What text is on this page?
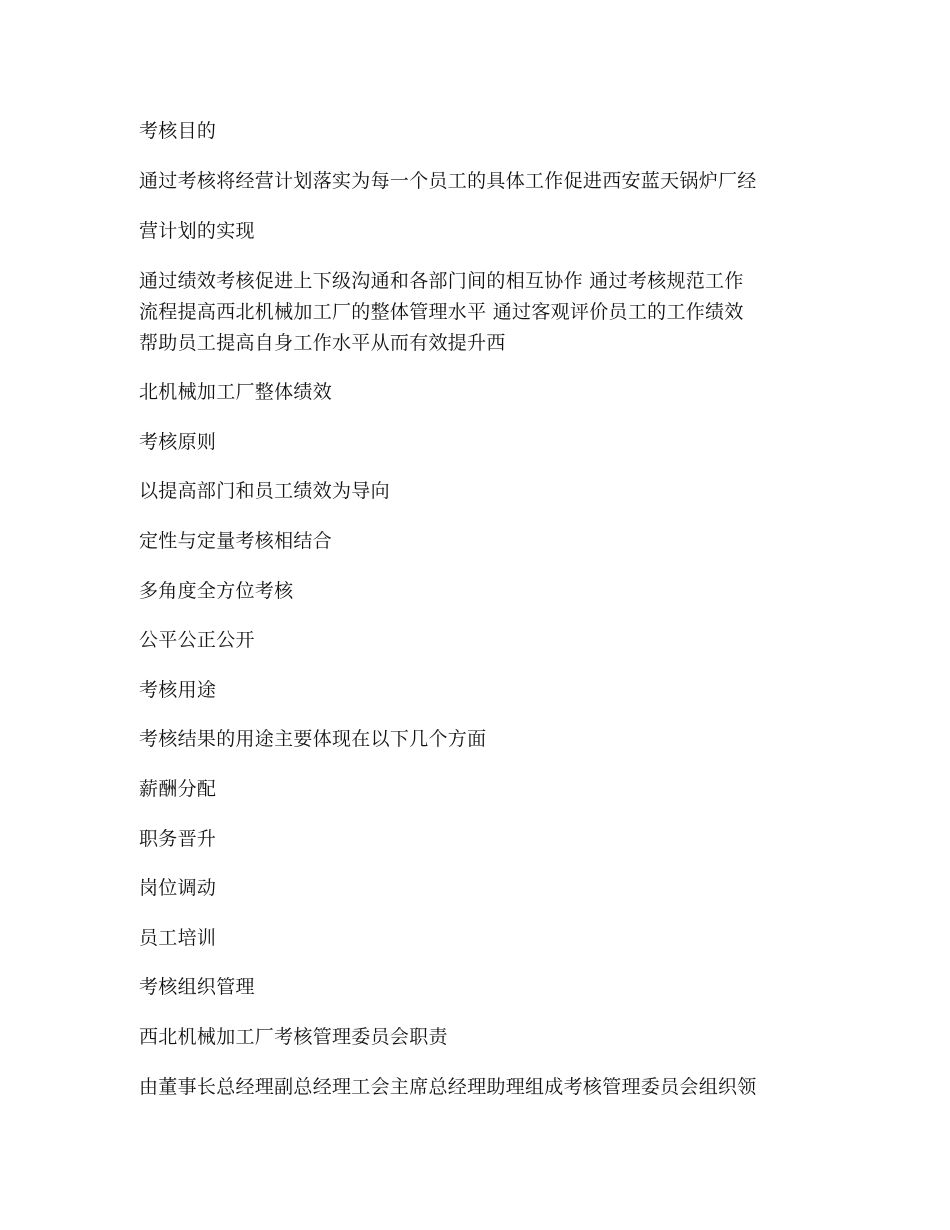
考核目的
通过考核将经营计划落实为每一个员工的具体工作促进西安蓝天锅炉厂经
营计划的实现
通过绩效考核促进上下级沟通和各部门间的相互协作 通过考核规范工作
流程提高西北机械加工厂的整体管理水平 通过客观评价员工的工作绩效
帮助员工提高自身工作水平从而有效提升西
北机械加工厂整体绩效
考核原则
以提高部门和员工绩效为导向
定性与定量考核相结合
多角度全方位考核
公平公正公开
考核用途
考核结果的用途主要体现在以下几个方面
薪酬分配
职务晋升
岗位调动
员工培训
考核组织管理
西北机械加工厂考核管理委员会职责
由董事长总经理副总经理工会主席总经理助理组成考核管理委员会组织领
